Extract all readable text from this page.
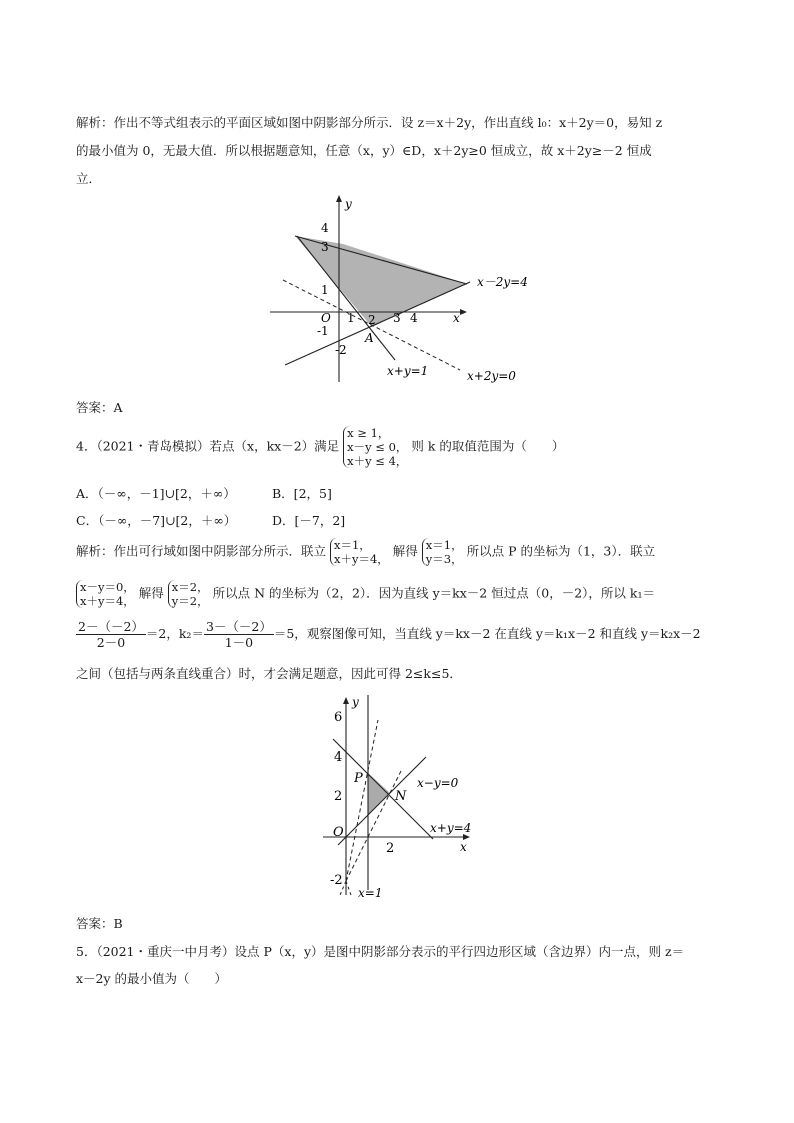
解析：作出不等式组表示的平面区域如图中阴影部分所示．设 z＝x＋2y，作出直线 l₀：x＋2y＝0，易知 z
的最小值为 0，无最大值．所以根据题意知，任意（x，y）∈D，x＋2y≥0 恒成立，故 x＋2y≥－2 恒成
立．
y
x
O
4
3
1
-1
-2
1 2 3 4
A
x－2y=4
x+y=1	x+2y=0
答案：A
4．（2021・青岛模拟）若点（x，kx－2）满足
x ≥ 1，
x－y ≤ 0，
x＋y ≤ 4，
则 k 的取值范围为（　　）
A．（－∞，－1]∪[2，＋∞）	B．[2，5]
C．（－∞，－7]∪[2，＋∞）	D．[－7，2]
解析：作出可行域如图中阴影部分所示．联立 x＝1，
x＋y＝4，
解得 x＝1，
y＝3，
所以点 P 的坐标为（1，3）．联立
x－y＝0，
x＋y＝4，
解得 x＝2，
y＝2，
所以点 N 的坐标为（2，2）．因为直线 y＝kx－2 恒过点（0，－2），所以 k₁＝
$\frac{2-(-2)}{2-0} =2$，$k_2= \frac{3-(-2)}{1-0} =5$，观察图像可知，当直线 y＝kx－2 在直线 y＝k₁x－2 和直线 y＝k₂x－2
之间（包括与两条直线重合）时，才会满足题意，因此可得 2≤k≤5．
y
x
O
6
4
2
-2
2
P
N
x−y=0
x+y=4
x=1
答案：B
5．（2021・重庆一中月考）设点 P（x，y）是图中阴影部分表示的平行四边形区域（含边界）内一点，则 z＝
x－2y 的最小值为（　　）
